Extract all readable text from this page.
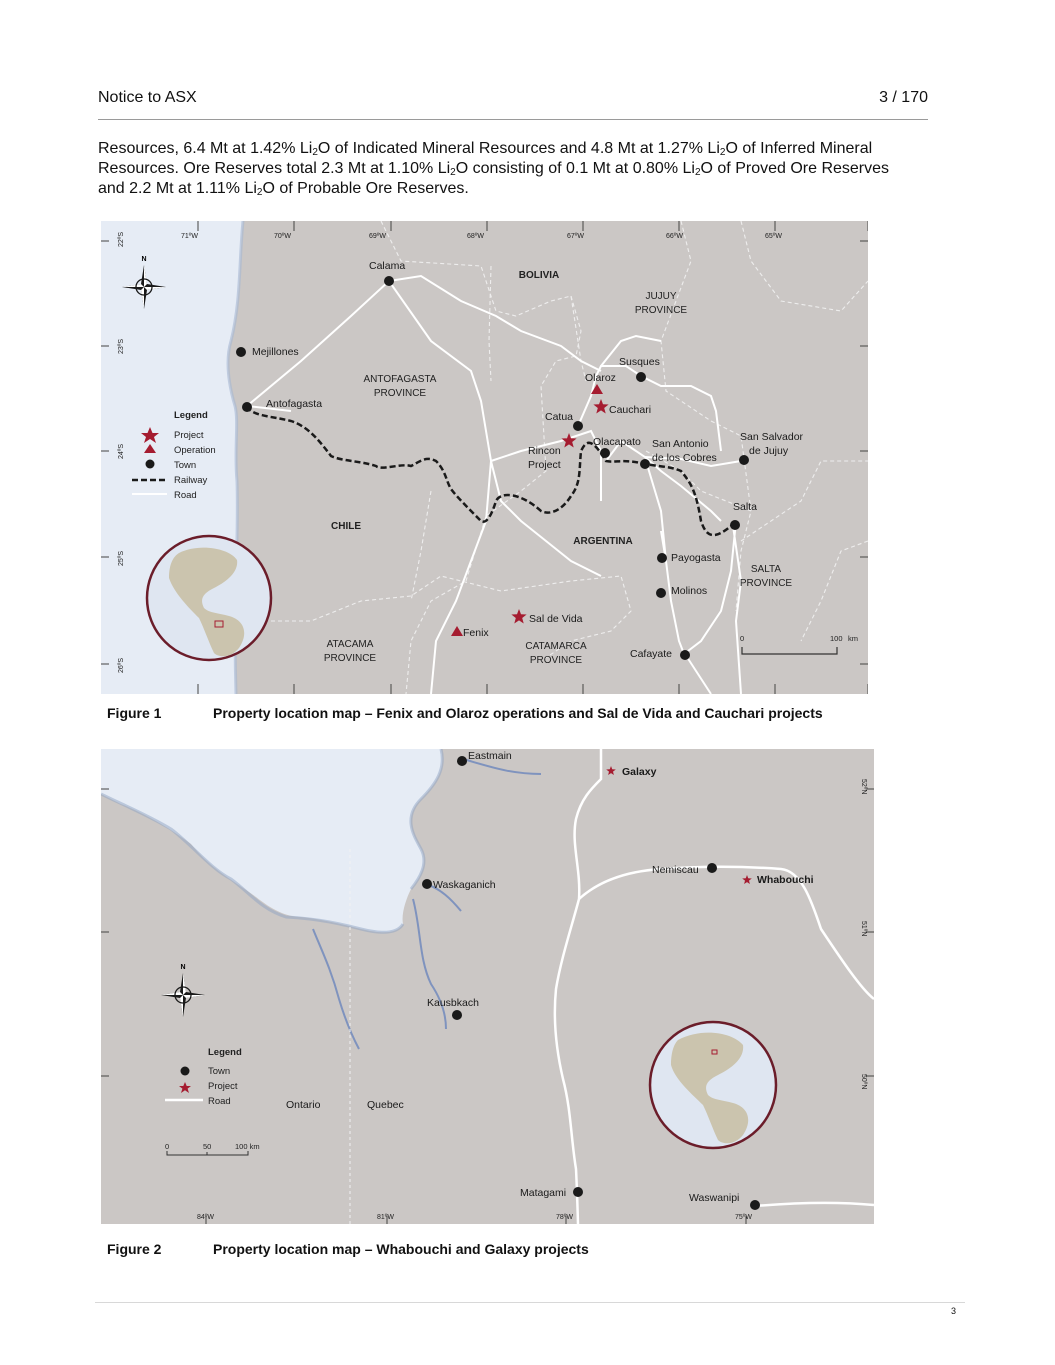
Notice to ASX	3 / 170
Resources, 6.4 Mt at 1.42% $Li_2O$ of Indicated Mineral Resources and 4.8 Mt at 1.27% $Li_2O$ of Inferred Mineral
Resources. Ore Reserves total 2.3 Mt at 1.10% $Li_2O$ consisting of 0.1 Mt at 0.80% $Li_2O$ of Proved Ore Reserves
and 2.2 Mt at 1.11% $Li_2O$ of Probable Ore Reserves.
71ºW	70ºW	69ºW	68ºW	67ºW	66ºW	65ºW
22ºS
23ºS
24ºS
25ºS
26ºS
N
BOLIVIA
CHILE
ARGENTINA
JUJUY
PROVINCE
ANTOFAGASTA
PROVINCE
ATACAMA
PROVINCE
CATAMARCA
PROVINCE
SALTA
PROVINCE
Calama
Mejillones
Antofagasta
Susques
Catua
Olacapato San Antonio
de los Cobres
San Salvador
de Jujuy
Salta
Payogasta
Molinos
Cafayate
Olaroz
Fenix
Cauchari
Rincon
Project
Sal de Vida
Legend
Project
Operation
Town
Railway
Road
0	100 km
Figure 1	Property location map – Fenix and Olaroz operations and Sal de Vida and Cauchari projects
84ºW	81ºW	78ºW	75ºW
52ºN
51ºN
50ºN
N
Eastmain
Nemiscau
Waskaganich
Kausbkach
Matagami	Waswanipi
Galaxy
Whabouchi
Ontario	Quebec
Legend
Town
Project
Road
0	50	100 km
Figure 2	Property location map – Whabouchi and Galaxy projects
3
